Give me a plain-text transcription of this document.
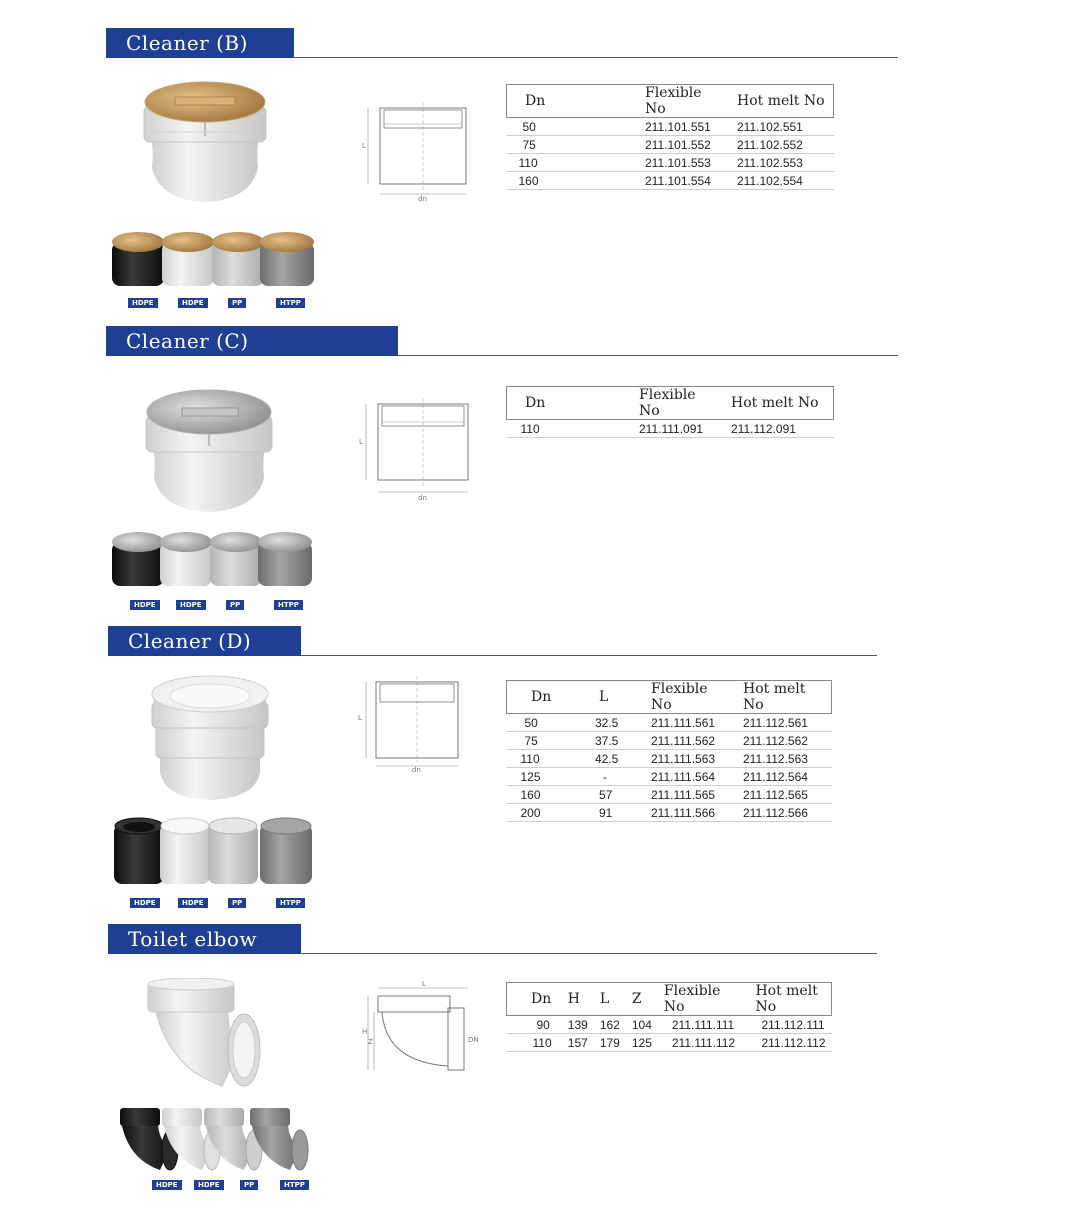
Cleaner (B)
HDPE	HDPE	PP	HTPP
L
dn
Dn	Flexible No	Hot melt No
50	211.101.551	211.102.551
75	211.101.552	211.102.552
110	211.101.553	211.102.553
160	211.101.554	211.102.554
Cleaner (C)
HDPE	HDPE	PP	HTPP
L
dn
Dn	Flexible No	Hot melt No
110	211.111.091	211.112.091
Cleaner (D)
HDPE	HDPE	PP	HTPP
L
dn
Dn	L	Flexible No	Hot melt No
50	32.5	211.111.561	211.112.561
75	37.5	211.111.562	211.112.562
110	42.5	211.111.563	211.112.563
125	-	211.111.564	211.112.564
160	57	211.111.565	211.112.565
200	91	211.111.566	211.112.566
Toilet elbow
HDPE	HDPE	PP	HTPP
L
H
Z	DN
Dn	H	L	Z	Flexible No	Hot melt No
90	139	162	104	211.111.111	211.112.111
110	157	179	125	211.111.112	211.112.112
